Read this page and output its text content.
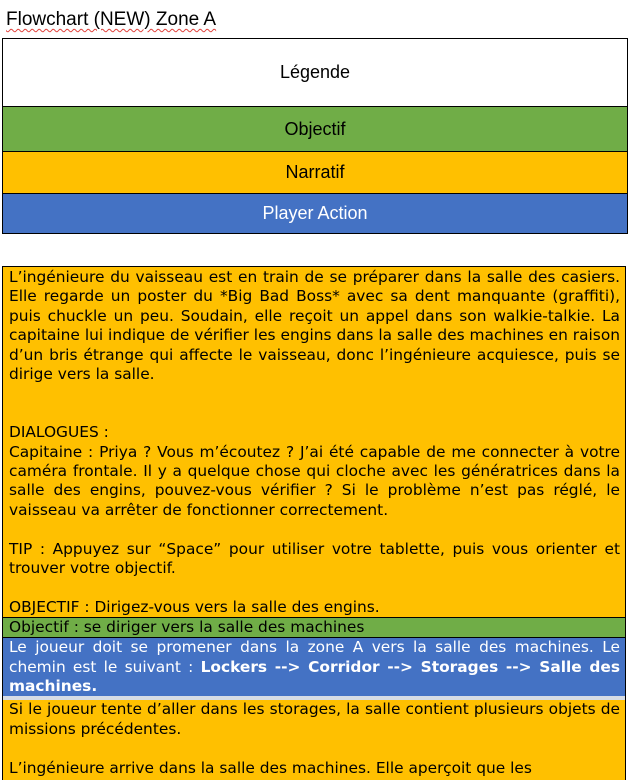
Flowchart (NEW) Zone A
Légende
Objectif
Narratif
Player Action

L’ingénieure du vaisseau est en train de se préparer dans la salle des casiers. Elle regarde un poster du *Big Bad Boss* avec sa dent manquante (graffiti), puis chuckle un peu. Soudain, elle reçoit un appel dans son walkie-talkie. La capitaine lui indique de vérifier les engins dans la salle des machines en raison d’un bris étrange qui affecte le vaisseau, donc l’ingénieure acquiesce, puis se dirige vers la salle.

DIALOGUES :

Capitaine : Priya ? Vous m’écoutez ? J’ai été capable de me connecter à votre caméra frontale. Il y a quelque chose qui cloche avec les génératrices dans la salle des engins, pouvez-vous vérifier ? Si le problème n’est pas réglé, le vaisseau va arrêter de fonctionner correctement.

TIP : Appuyez sur “Space” pour utiliser votre tablette, puis vous orienter et trouver votre objectif.

OBJECTIF : Dirigez-vous vers la salle des engins.

Objectif : se diriger vers la salle des machines

Le joueur doit se promener dans la zone A vers la salle des machines. Le chemin est le suivant : Lockers --> Corridor --> Storages --> Salle des machines.

Si le joueur tente d’aller dans les storages, la salle contient plusieurs objets de missions précédentes.

L’ingénieure arrive dans la salle des machines. Elle aperçoit que les
